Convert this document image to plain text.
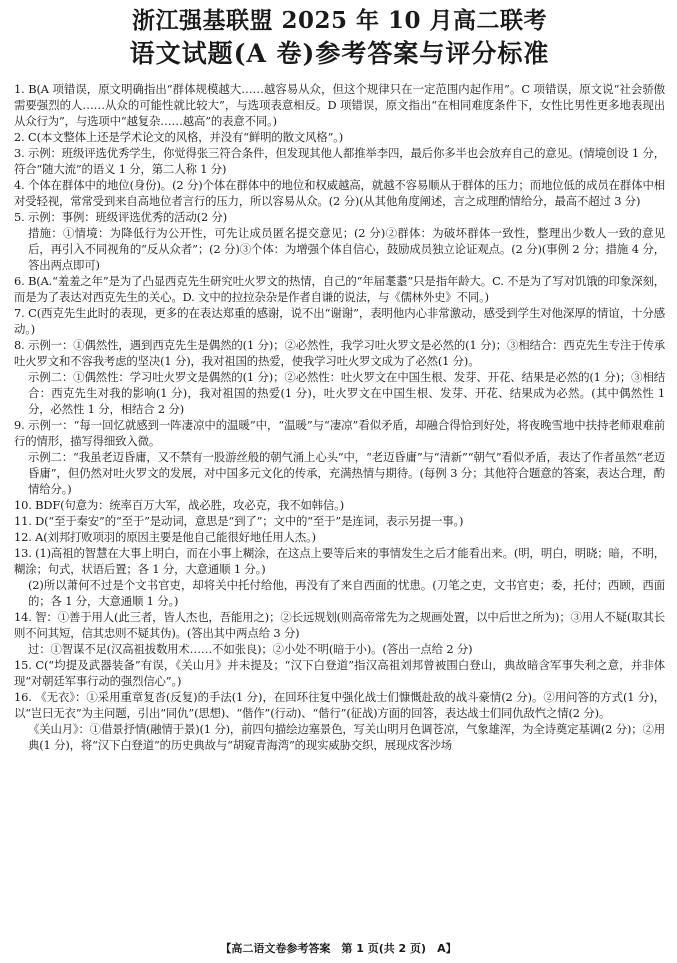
浙江强基联盟 2025 年 10 月高二联考
语文试题(A 卷)参考答案与评分标准

1. B(A 项错误，原文明确指出“群体规模越大……越容易从众，但这个规律只在一定范围内起作用”。C 项错误，原文说“社会骄傲需要强烈的人……从众的可能性就比较大”，与选项表意相反。D 项错误，原文指出“在相同难度条件下，女性比男性更多地表现出从众行为”，与选项中“越复杂……越高”的表意不同。)

2. C(本文整体上还是学术论文的风格，并没有“鲜明的散文风格”。)

3. 示例：班级评选优秀学生，你觉得张三符合条件，但发现其他人都推举李四，最后你多半也会放弃自己的意见。(情境创设 1 分，符合“随大流”的语义 1 分，第二人称 1 分)

4. 个体在群体中的地位(身份)。(2 分)个体在群体中的地位和权威越高，就越不容易顺从于群体的压力；而地位低的成员在群体中相对受轻视，常常受到来自高地位者言行的压力，所以容易从众。(2 分)(从其他角度阐述，言之成理酌情给分，最高不超过 3 分)

5. 示例：事例：班级评选优秀的活动(2 分)

措施：①情境：为降低行为公开性，可先让成员匿名提交意见；(2 分)②群体：为破坏群体一致性，整理出少数人一致的意见后，再引入不同视角的“反从众者”；(2 分)③个体：为增强个体自信心，鼓励成员独立论证观点。(2 分)(事例 2 分；措施 4 分，答出两点即可)

6. B(A.“羞羞之年”是为了凸显西克先生研究吐火罗文的热情，自己的“年届耄耋”只是指年龄大。C. 不是为了写对饥饿的印象深刻，而是为了表达对西克先生的关心。D. 文中的拉拉杂杂是作者自谦的说法，与《儒林外史》不同。)

7. C(西克先生此时的表现，更多的在表达郑重的感谢，说不出“谢谢”，表明他内心非常激动，感受到学生对他深厚的情谊，十分感动。)

8. 示例一：①偶然性，遇到西克先生是偶然的(1 分)；②必然性，我学习吐火罗文是必然的(1 分)；③相结合：西克先生专注于传承吐火罗文和不容我考虑的坚决(1 分)，我对祖国的热爱，使我学习吐火罗文成为了必然(1 分)。

示例二：①偶然性：学习吐火罗文是偶然的(1 分)；②必然性：吐火罗文在中国生根、发芽、开花、结果是必然的(1 分)；③相结合：西克先生对我的影响(1 分)，我对祖国的热爱(1 分)，吐火罗文在中国生根、发芽、开花、结果成为必然。(其中偶然性 1 分，必然性 1 分，相结合 2 分)

9. 示例一：“每一回忆就感到一阵凄凉中的温暖”中，“温暖”与“凄凉”看似矛盾，却融合得恰到好处，将夜晚雪地中扶持老师艰难前行的情形，描写得细致入微。

示例二：“我虽老迈昏庸，又不禁有一股游丝般的朝气涌上心头”中，“老迈昏庸”与“清新”“朝气”看似矛盾，表达了作者虽然“老迈昏庸”，但仍然对吐火罗文的发展，对中国多元文化的传承，充满热情与期待。(每例 3 分；其他符合题意的答案，表达合理，酌情给分。)

10. BDF(句意为：统率百万大军，战必胜，攻必克，我不如韩信。)

11. D(“至于秦安”的“至于”是动词，意思是“到了”；文中的“至于”是连词，表示另提一事。)

12. A(刘邦打败项羽的原因主要是他自己能很好地任用人杰。)

13. (1)高祖的智慧在大事上明白，而在小事上糊涂，在这点上要等后来的事情发生之后才能看出来。(明，明白，明晓；暗，不明，糊涂；句式，状语后置；各 1 分，大意通顺 1 分。)

(2)所以萧何不过是个文书官吏，却将关中托付给他，再没有了来自西面的忧患。(刀笔之吏，文书官吏；委，托付；西顾，西面的；各 1 分，大意通顺 1 分。)

14. 智：①善于用人(此三者，皆人杰也，吾能用之)；②长远规划(则高帝常先为之规画处置，以中后世之所为)；③用人不疑(取其长则不问其短，信其忠则不疑其伪)。(答出其中两点给 3 分)

过：①智谋不足(汉高祖拔数用术……不如张良)；②小处不明(暗于小)。(答出一点给 2 分)

15. C(“均提及武器装备”有误，《关山月》并未提及；“汉下白登道”指汉高祖刘邦曾被围白登山，典故暗含军事失利之意，并非体现“对朝廷军事行动的强烈信心”。)

16. 《无衣》：①采用重章复沓(反复)的手法(1 分)，在回环往复中强化战士们慷慨赴敌的战斗豪情(2 分)。②用问答的方式(1 分)，以“岂曰无衣”为主问题，引出“同仇”(思想)、“偕作”(行动)、“偕行”(征战)方面的回答，表达战士们同仇敌忾之情(2 分)。

《关山月》：①借景抒情(融情于景)(1 分)，前四句描绘边塞景色，写关山明月色调苍凉，气象雄浑，为全诗奠定基调(2 分)；②用典(1 分)，将“汉下白登道”的历史典故与“胡窥青海湾”的现实威胁交织，展现戍客沙场

【高二语文卷参考答案　第 1 页(共 2 页)　A】
